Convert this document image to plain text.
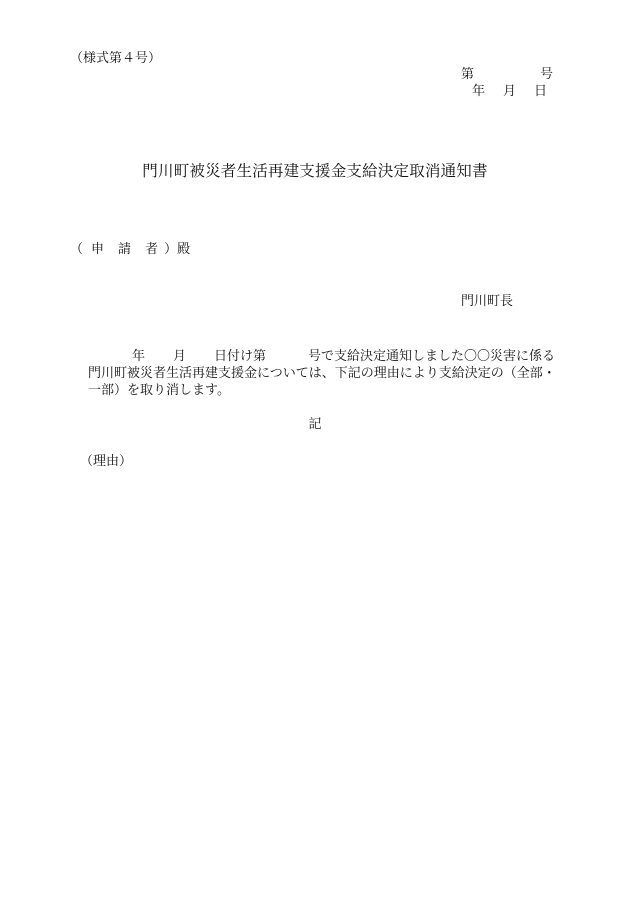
（様式第４号）
第	号
年 月 日
門川町被災者生活再建支援金支給決定取消通知書
（ 申 請 者 ）殿
門川町長
年 月 日付け第	号で支給決定通知しました〇〇災害に係る
門川町被災者生活再建支援金については、下記の理由により支給決定の（全部・
一部）を取り消します。
記
（理由）
